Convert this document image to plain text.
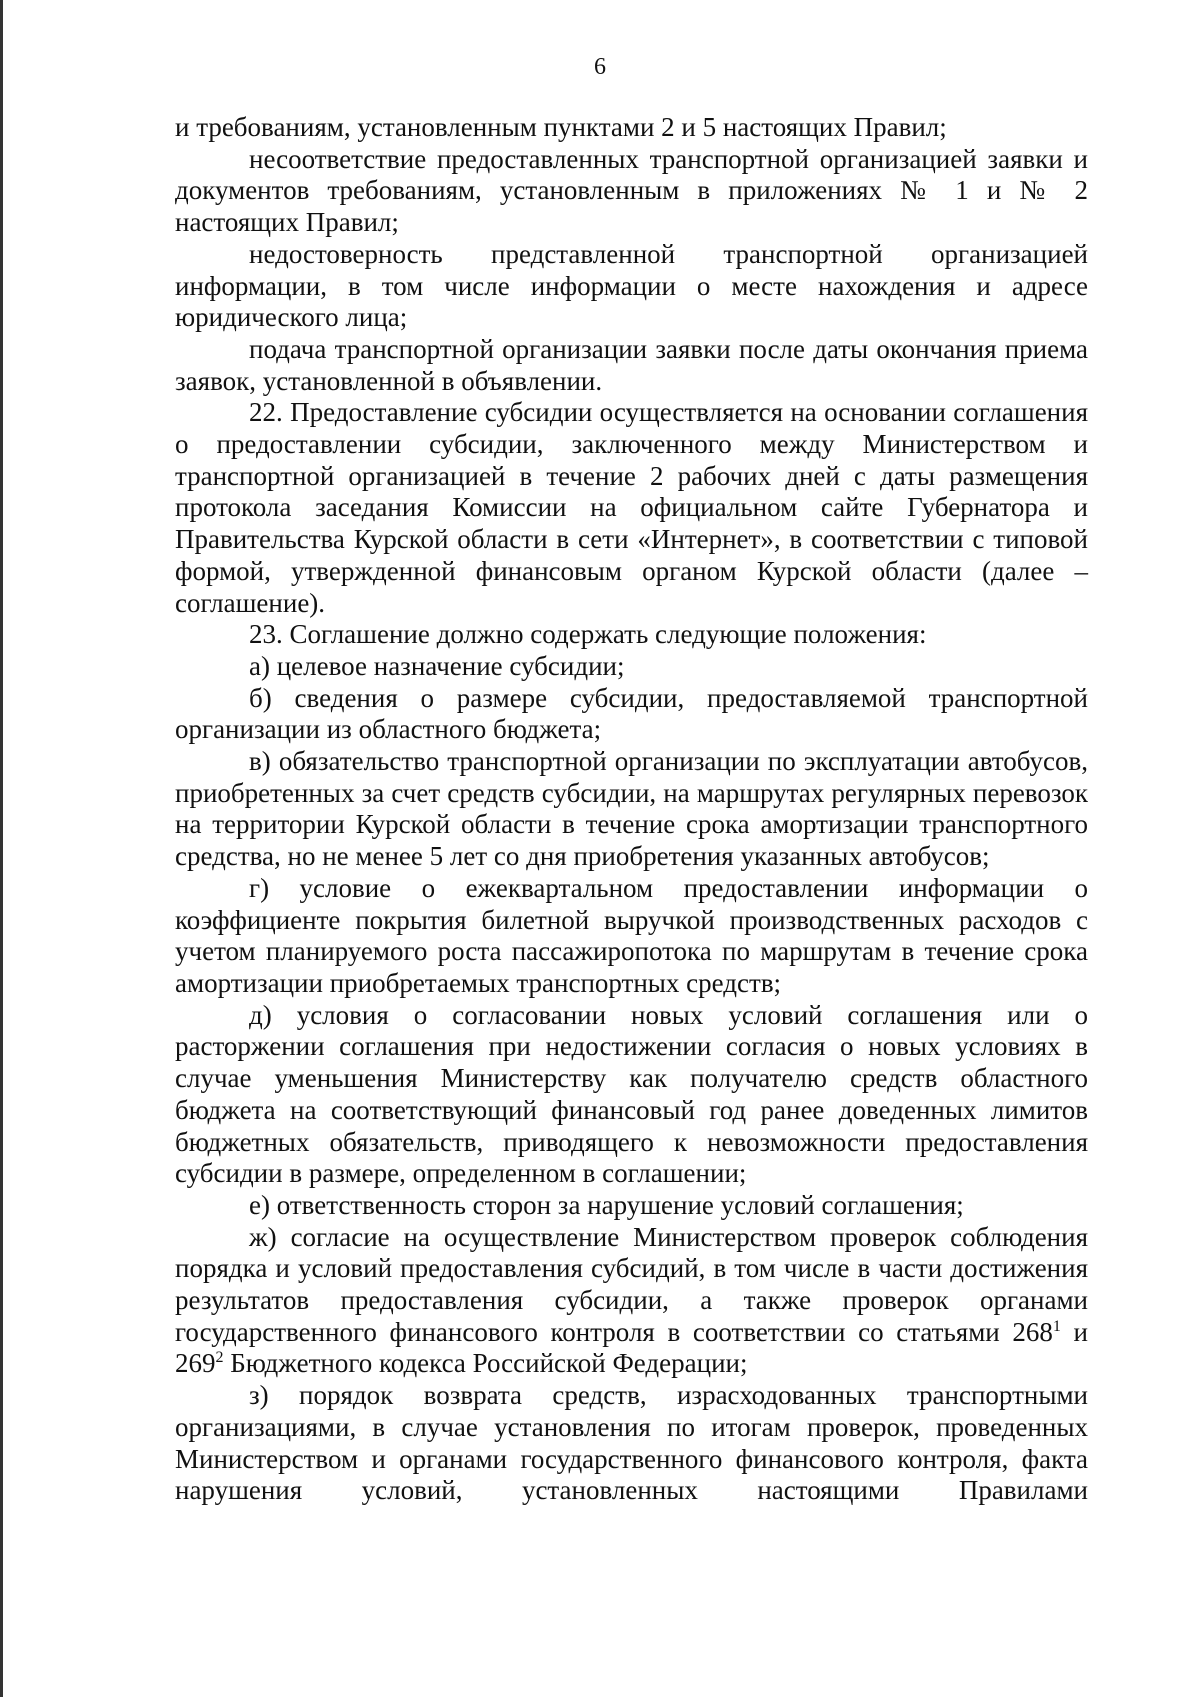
6

и требованиям, установленным пунктами 2 и 5 настоящих Правил;

несоответствие предоставленных транспортной организацией заявки и документов требованиям, установленным в приложениях № 1 и № 2 настоящих Правил;

недостоверность представленной транспортной организацией информации, в том числе информации о месте нахождения и адресе юридического лица;

подача транспортной организации заявки после даты окончания приема заявок, установленной в объявлении.

22. Предоставление субсидии осуществляется на основании соглашения о предоставлении субсидии, заключенного между Министерством и транспортной организацией в течение 2 рабочих дней с даты размещения протокола заседания Комиссии на официальном сайте Губернатора и Правительства Курской области в сети «Интернет», в соответствии с типовой формой, утвержденной финансовым органом Курской области (далее – соглашение).

23. Соглашение должно содержать следующие положения:

а) целевое назначение субсидии;

б) сведения о размере субсидии, предоставляемой транспортной организации из областного бюджета;

в) обязательство транспортной организации по эксплуатации автобусов, приобретенных за счет средств субсидии, на маршрутах регулярных перевозок на территории Курской области в течение срока амортизации транспортного средства, но не менее 5 лет со дня приобретения указанных автобусов;

г) условие о ежеквартальном предоставлении информации о коэффициенте покрытия билетной выручкой производственных расходов с учетом планируемого роста пассажиропотока по маршрутам в течение срока амортизации приобретаемых транспортных средств;

д) условия о согласовании новых условий соглашения или о расторжении соглашения при недостижении согласия о новых условиях в случае уменьшения Министерству как получателю средств областного бюджета на соответствующий финансовый год ранее доведенных лимитов бюджетных обязательств, приводящего к невозможности предоставления субсидии в размере, определенном в соглашении;

е) ответственность сторон за нарушение условий соглашения;

ж) согласие на осуществление Министерством проверок соблюдения порядка и условий предоставления субсидий, в том числе в части достижения результатов предоставления субсидии, а также проверок органами государственного финансового контроля в соответствии со статьями $268^1$ и $269^2$ Бюджетного кодекса Российской Федерации;

з) порядок возврата средств, израсходованных транспортными организациями, в случае установления по итогам проверок, проведенных Министерством и органами государственного финансового контроля, факта нарушения условий, установленных настоящими Правилами
